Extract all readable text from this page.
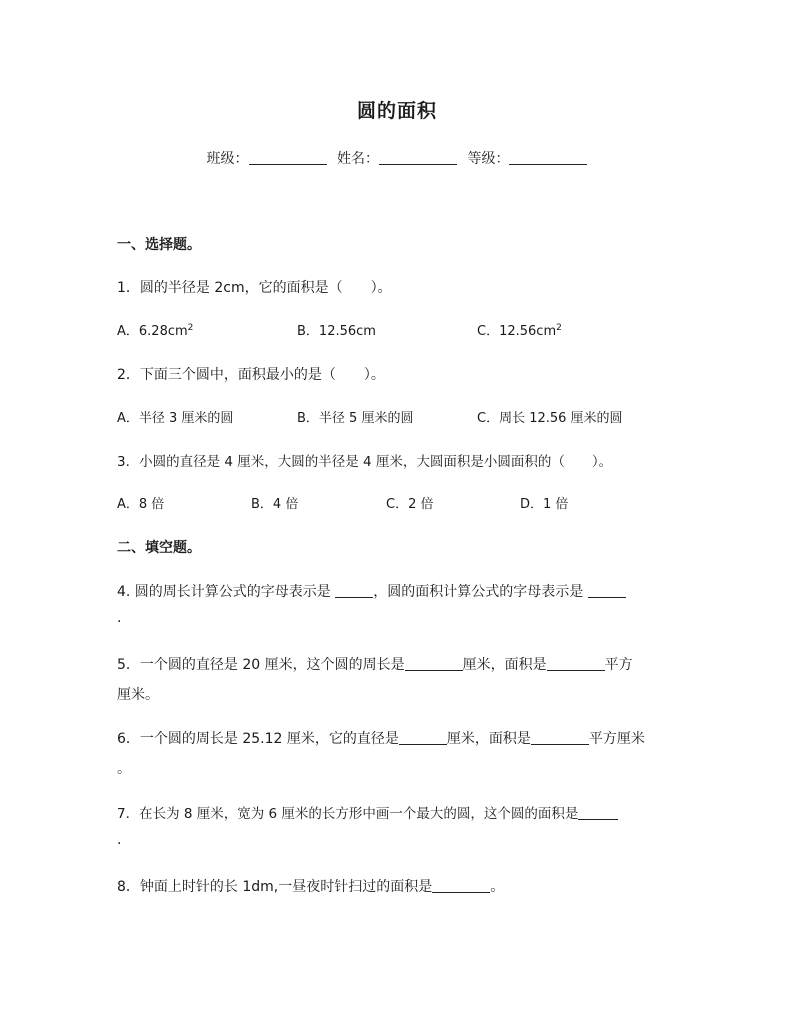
圆的面积
班级：	姓名：	等级：
一、选择题。
1．圆的半径是 2cm，它的面积是（　　）。
A．$6.28cm^2$	B．12.56cm	C．$12.56cm^2$
2．下面三个圆中，面积最小的是（　　）。
A．半径 3 厘米的圆	B．半径 5 厘米的圆	C．周长 12.56 厘米的圆
3．小圆的直径是 4 厘米，大圆的半径是 4 厘米，大圆面积是小圆面积的（　　）。
A．8 倍	B．4 倍	C．2 倍	D．1 倍
二、填空题。
4. 圆的周长计算公式的字母表示是	，圆的面积计算公式的字母表示是
.
5．一个圆的直径是 20 厘米，这个圆的周长是	厘米，面积是	平方
厘米。
6．一个圆的周长是 25.12 厘米，它的直径是	厘米，面积是	平方厘米
。
7．在长为 8 厘米，宽为 6 厘米的长方形中画一个最大的圆，这个圆的面积是
.
8．钟面上时针的长 1dm,一昼夜时针扫过的面积是	。
